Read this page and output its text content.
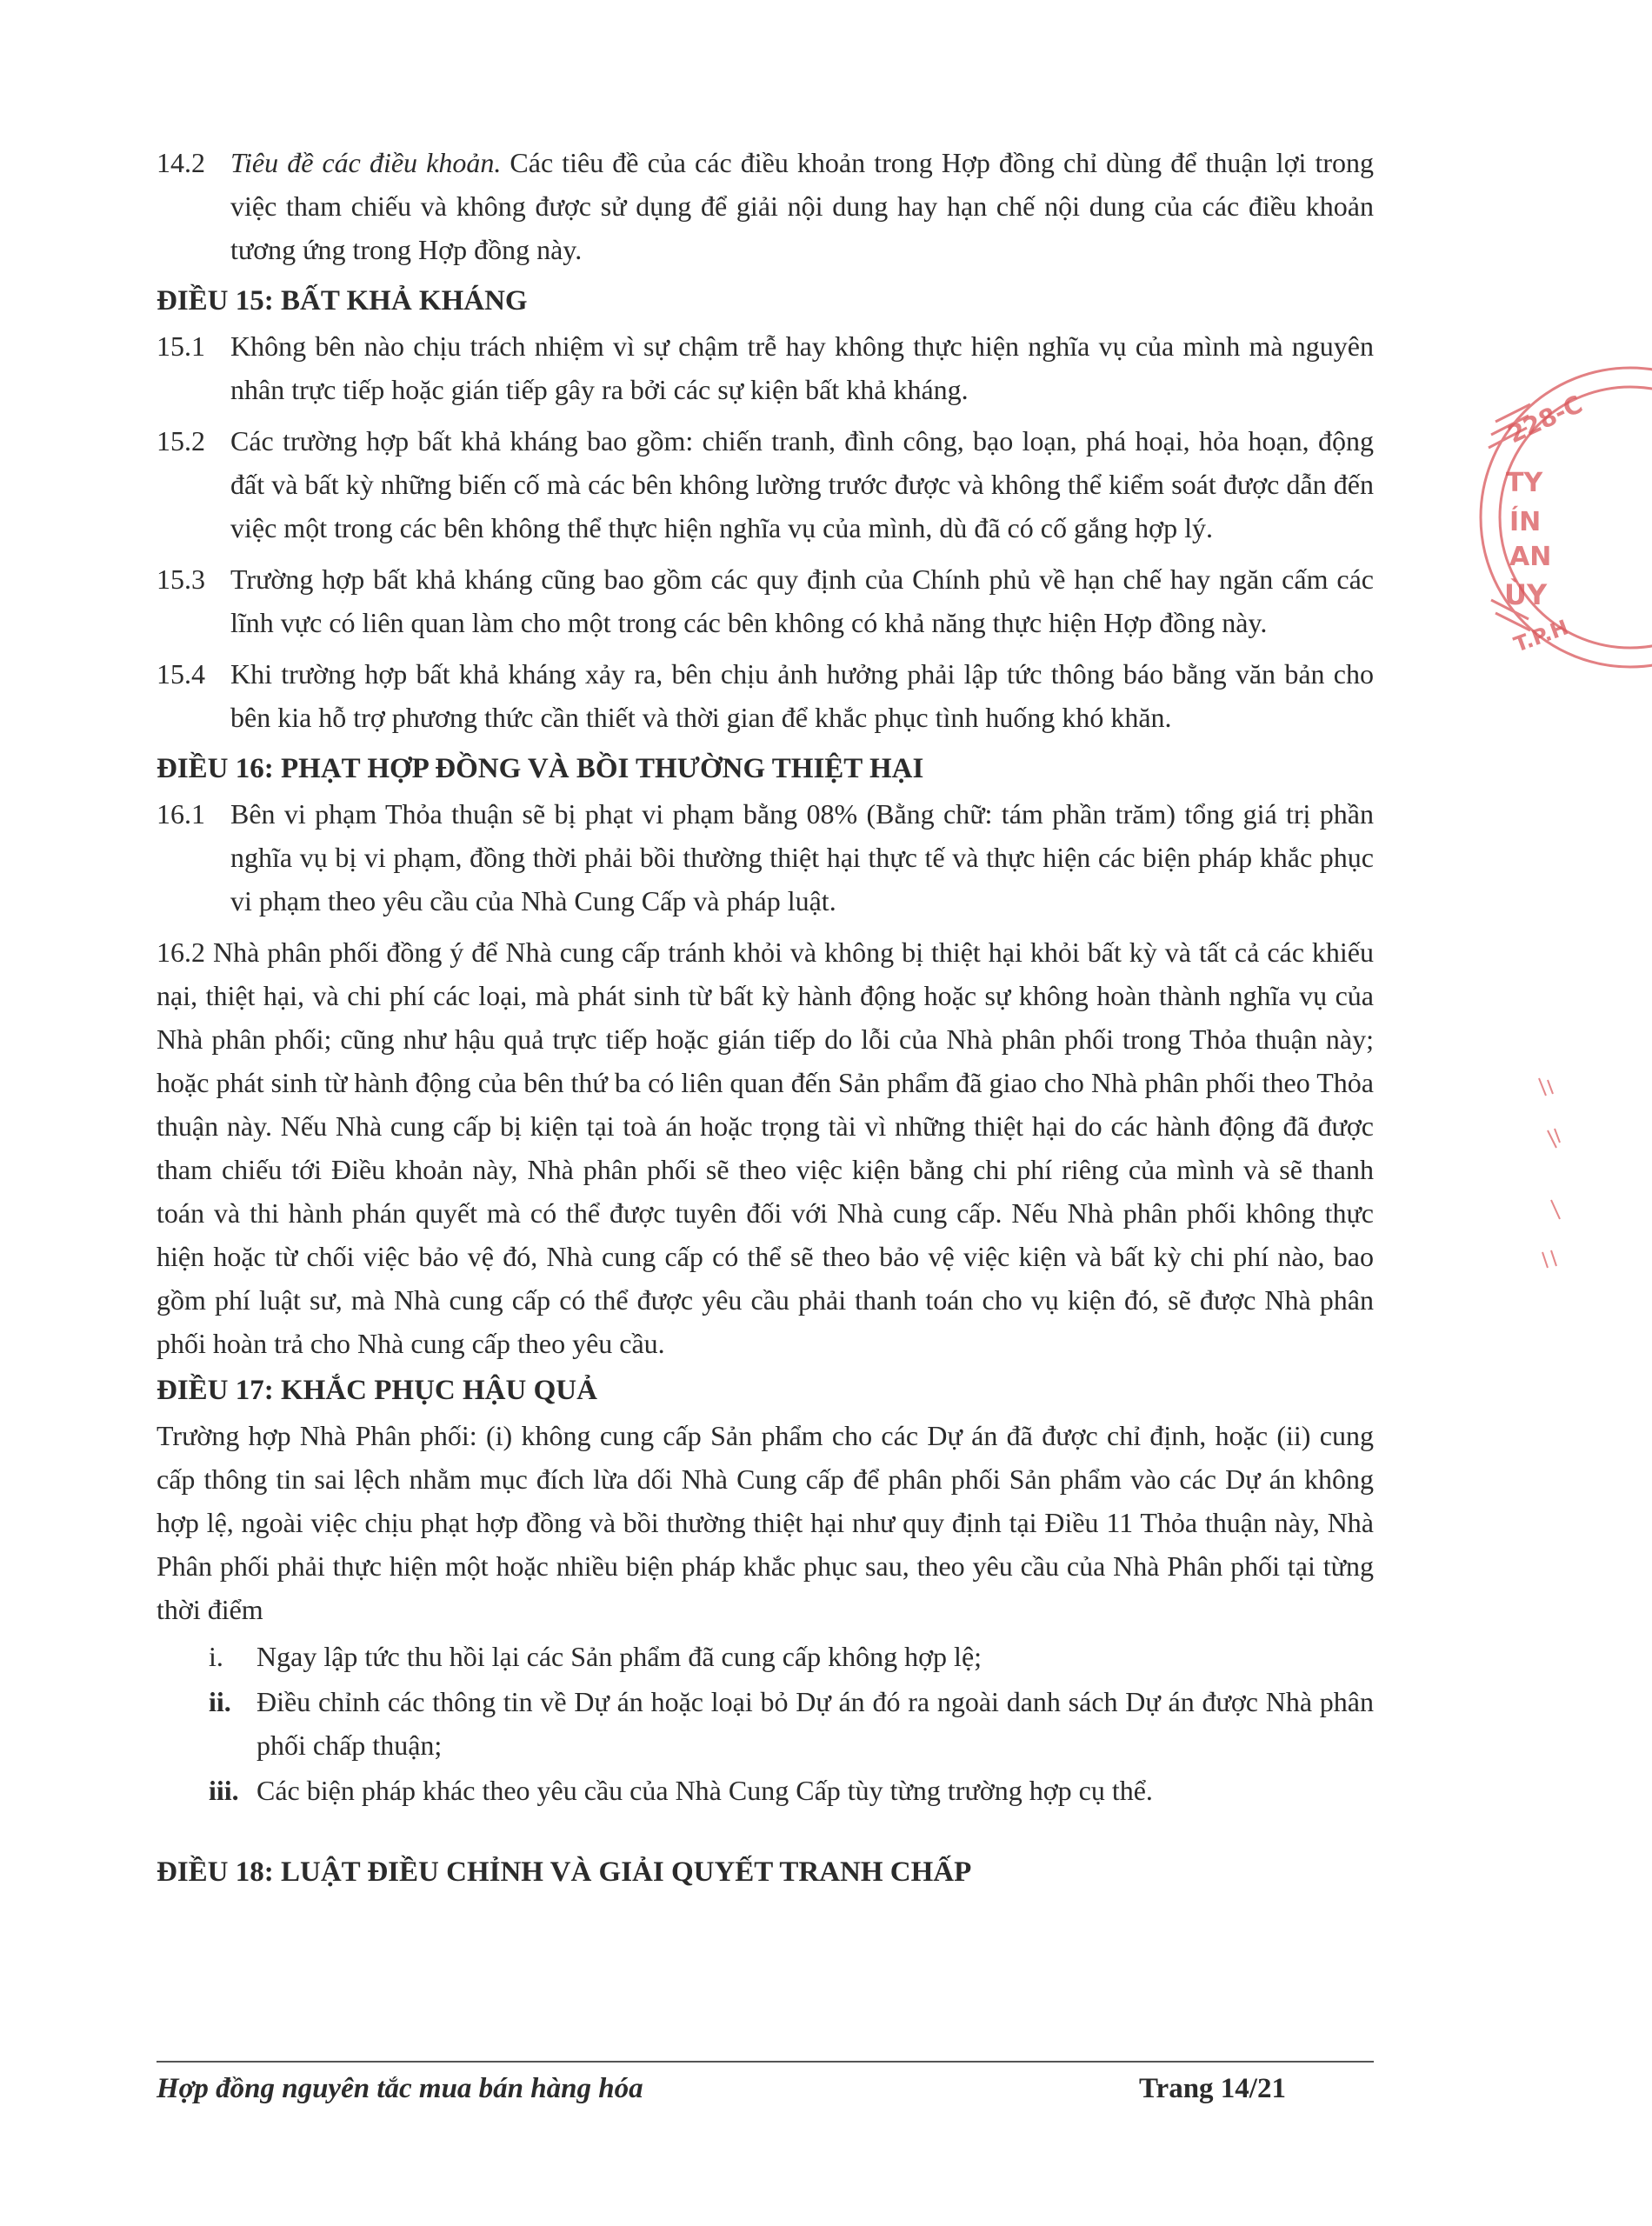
14.2 Tiêu đề các điều khoản. Các tiêu đề của các điều khoản trong Hợp đồng chỉ dùng để thuận lợi trong việc tham chiếu và không được sử dụng để giải nội dung hay hạn chế nội dung của các điều khoản tương ứng trong Hợp đồng này.
ĐIỀU 15: BẤT KHẢ KHÁNG
15.1 Không bên nào chịu trách nhiệm vì sự chậm trễ hay không thực hiện nghĩa vụ của mình mà nguyên nhân trực tiếp hoặc gián tiếp gây ra bởi các sự kiện bất khả kháng.
15.2 Các trường hợp bất khả kháng bao gồm: chiến tranh, đình công, bạo loạn, phá hoại, hỏa hoạn, động đất và bất kỳ những biến cố mà các bên không lường trước được và không thể kiểm soát được dẫn đến việc một trong các bên không thể thực hiện nghĩa vụ của mình, dù đã có cố gắng hợp lý.
15.3 Trường hợp bất khả kháng cũng bao gồm các quy định của Chính phủ về hạn chế hay ngăn cấm các lĩnh vực có liên quan làm cho một trong các bên không có khả năng thực hiện Hợp đồng này.
15.4 Khi trường hợp bất khả kháng xảy ra, bên chịu ảnh hưởng phải lập tức thông báo bằng văn bản cho bên kia hỗ trợ phương thức cần thiết và thời gian để khắc phục tình huống khó khăn.
ĐIỀU 16: PHẠT HỢP ĐỒNG VÀ BỒI THƯỜNG THIỆT HẠI
16.1 Bên vi phạm Thỏa thuận sẽ bị phạt vi phạm bằng 08% (Bằng chữ: tám phần trăm) tổng giá trị phần nghĩa vụ bị vi phạm, đồng thời phải bồi thường thiệt hại thực tế và thực hiện các biện pháp khắc phục vi phạm theo yêu cầu của Nhà Cung Cấp và pháp luật.
16.2 Nhà phân phối đồng ý để Nhà cung cấp tránh khỏi và không bị thiệt hại khỏi bất kỳ và tất cả các khiếu nại, thiệt hại, và chi phí các loại, mà phát sinh từ bất kỳ hành động hoặc sự không hoàn thành nghĩa vụ của Nhà phân phối; cũng như hậu quả trực tiếp hoặc gián tiếp do lỗi của Nhà phân phối trong Thỏa thuận này; hoặc phát sinh từ hành động của bên thứ ba có liên quan đến Sản phẩm đã giao cho Nhà phân phối theo Thỏa thuận này. Nếu Nhà cung cấp bị kiện tại toà án hoặc trọng tài vì những thiệt hại do các hành động đã được tham chiếu tới Điều khoản này, Nhà phân phối sẽ theo việc kiện bằng chi phí riêng của mình và sẽ thanh toán và thi hành phán quyết mà có thể được tuyên đối với Nhà cung cấp. Nếu Nhà phân phối không thực hiện hoặc từ chối việc bảo vệ đó, Nhà cung cấp có thể sẽ theo bảo vệ việc kiện và bất kỳ chi phí nào, bao gồm phí luật sư, mà Nhà cung cấp có thể được yêu cầu phải thanh toán cho vụ kiện đó, sẽ được Nhà phân phối hoàn trả cho Nhà cung cấp theo yêu cầu.
ĐIỀU 17: KHẮC PHỤC HẬU QUẢ
Trường hợp Nhà Phân phối: (i) không cung cấp Sản phẩm cho các Dự án đã được chỉ định, hoặc (ii) cung cấp thông tin sai lệch nhằm mục đích lừa dối Nhà Cung cấp để phân phối Sản phẩm vào các Dự án không hợp lệ, ngoài việc chịu phạt hợp đồng và bồi thường thiệt hại như quy định tại Điều 11 Thỏa thuận này, Nhà Phân phối phải thực hiện một hoặc nhiều biện pháp khắc phục sau, theo yêu cầu của Nhà Phân phối tại từng thời điểm
i.	Ngay lập tức thu hồi lại các Sản phẩm đã cung cấp không hợp lệ;
ii. Điều chỉnh các thông tin về Dự án hoặc loại bỏ Dự án đó ra ngoài danh sách Dự án được Nhà phân phối chấp thuận;
iii. Các biện pháp khác theo yêu cầu của Nhà Cung Cấp tùy từng trường hợp cụ thể.
ĐIỀU 18: LUẬT ĐIỀU CHỈNH VÀ GIẢI QUYẾT TRANH CHẤP
228-C
TY
ÍN
AN
ÙY
T.P.H
Hợp đồng nguyên tắc mua bán hàng hóa	Trang 14/21
